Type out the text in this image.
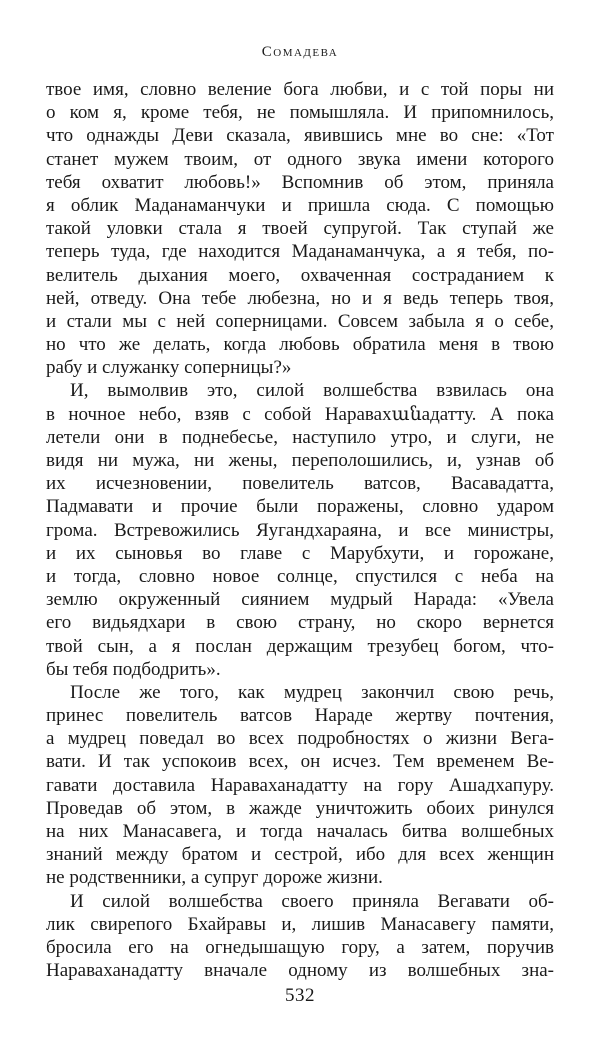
Сомадева
твое имя, словно веление бога любви, и с той поры ни
о ком я, кроме тебя, не помышляла. И припомнилось,
что однажды Деви сказала, явившись мне во сне: «Тот
станет мужем твоим, от одного звука имени которого
тебя охватит любовь!» Вспомнив об этом, приняла
я облик Маданаманчуки и пришла сюда. С помощью
такой уловки стала я твоей супругой. Так ступай же
теперь туда, где находится Маданаманчука, а я тебя, по-
велитель дыхания моего, охваченная состраданием к
ней, отведу. Она тебе любезна, но и я ведь теперь твоя,
и стали мы с ней соперницами. Совсем забыла я о себе,
но что же делать, когда любовь обратила меня в твою
рабу и служанку соперницы?»
И, вымолвив это, силой волшебства взвилась она
в ночное небо, взяв с собой Наравахանадатту. А пока
летели они в поднебесье, наступило утро, и слуги, не
видя ни мужа, ни жены, переполошились, и, узнав об
их исчезновении, повелитель ватсов, Васавадатта,
Падмавати и прочие были поражены, словно ударом
грома. Встревожились Яугандхараяна, и все министры,
и их сыновья во главе с Марубхути, и горожане,
и тогда, словно новое солнце, спустился с неба на
землю окруженный сиянием мудрый Нарада: «Увела
его видьядхари в свою страну, но скоро вернется
твой сын, а я послан держащим трезубец богом, что-
бы тебя подбодрить».
После же того, как мудрец закончил свою речь,
принес повелитель ватсов Нараде жертву почтения,
а мудрец поведал во всех подробностях о жизни Вега-
вати. И так успокоив всех, он исчез. Тем временем Ве-
гавати доставила Нараваханадатту на гору Ашадхапуру.
Проведав об этом, в жажде уничтожить обоих ринулся
на них Манасавега, и тогда началась битва волшебных
знаний между братом и сестрой, ибо для всех женщин
не родственники, а супруг дороже жизни.
И силой волшебства своего приняла Вегавати об-
лик свирепого Бхайравы и, лишив Манасавегу памяти,
бросила его на огнедышащую гору, а затем, поручив
Нараваханадатту вначале одному из волшебных зна-
532
